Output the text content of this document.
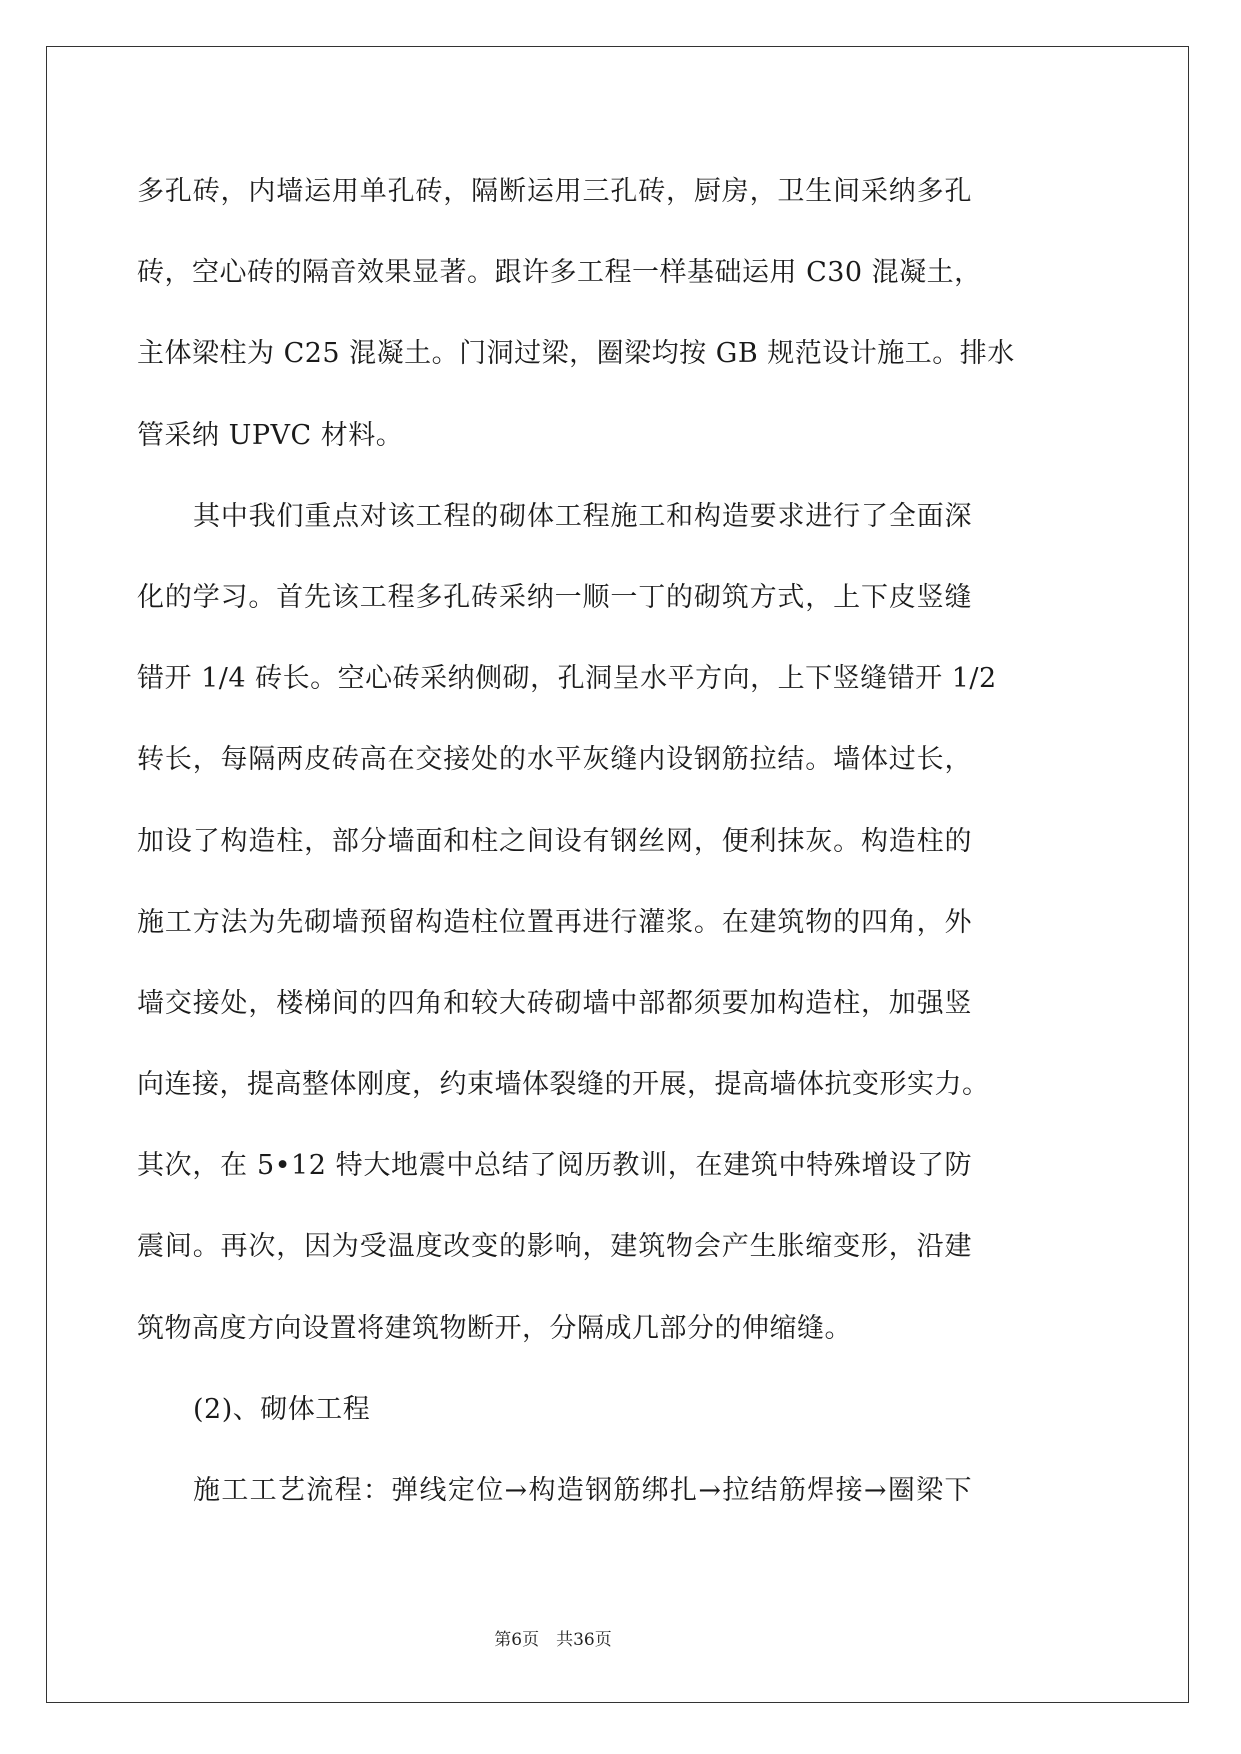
多孔砖，内墙运用单孔砖，隔断运用三孔砖，厨房，卫生间采纳多孔
砖，空心砖的隔音效果显著。跟许多工程一样基础运用 C30 混凝土，
主体梁柱为 C25 混凝土。门洞过梁，圈梁均按 GB 规范设计施工。排水
管采纳 UPVC 材料。
其中我们重点对该工程的砌体工程施工和构造要求进行了全面深
化的学习。首先该工程多孔砖采纳一顺一丁的砌筑方式，上下皮竖缝
错开 1/4 砖长。空心砖采纳侧砌，孔洞呈水平方向，上下竖缝错开 1/2
转长，每隔两皮砖高在交接处的水平灰缝内设钢筋拉结。墙体过长，
加设了构造柱，部分墙面和柱之间设有钢丝网，便利抹灰。构造柱的
施工方法为先砌墙预留构造柱位置再进行灌浆。在建筑物的四角，外
墙交接处，楼梯间的四角和较大砖砌墙中部都须要加构造柱，加强竖
向连接，提高整体刚度，约束墙体裂缝的开展，提高墙体抗变形实力。
其次，在 5•12 特大地震中总结了阅历教训，在建筑中特殊增设了防
震间。再次，因为受温度改变的影响，建筑物会产生胀缩变形，沿建
筑物高度方向设置将建筑物断开，分隔成几部分的伸缩缝。
(2)、砌体工程
施工工艺流程：弹线定位→构造钢筋绑扎→拉结筋焊接→圈梁下
第6页　共36页
